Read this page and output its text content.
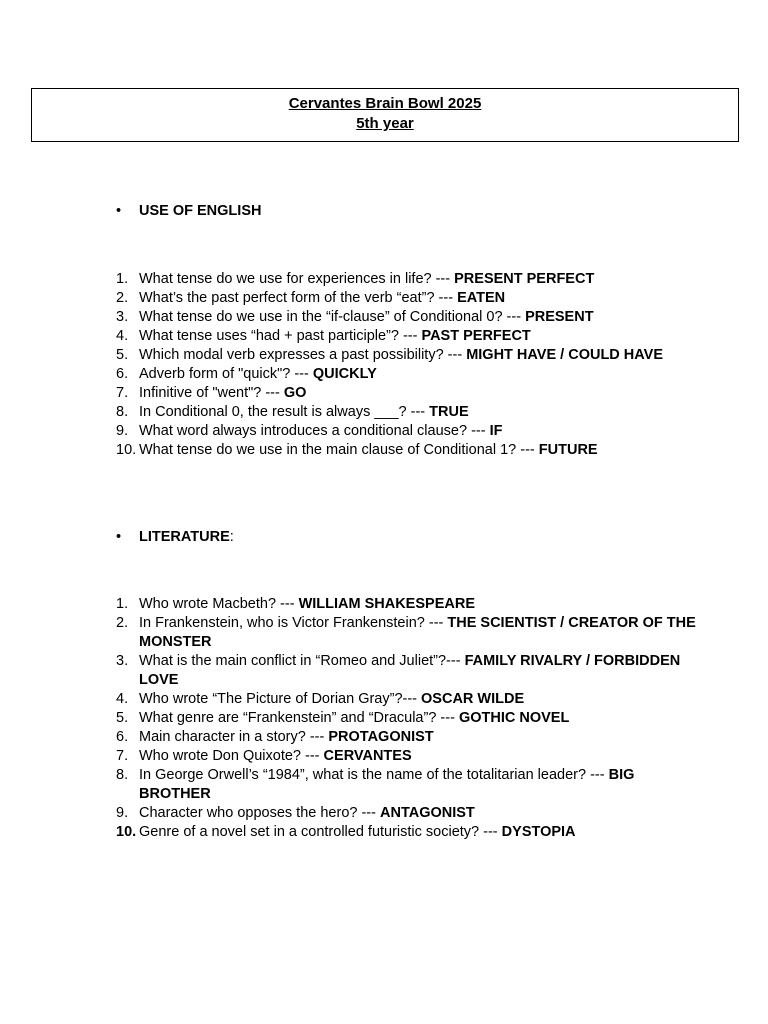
Cervantes Brain Bowl 2025
5th year
• USE OF ENGLISH
1. What tense do we use for experiences in life? --- PRESENT PERFECT
2. What’s the past perfect form of the verb “eat”? --- EATEN
3. What tense do we use in the “if-clause” of Conditional 0? --- PRESENT
4. What tense uses “had + past participle”? --- PAST PERFECT
5. Which modal verb expresses a past possibility? --- MIGHT HAVE / COULD HAVE
6. Adverb form of "quick"? --- QUICKLY
7. Infinitive of "went"? --- GO
8. In Conditional 0, the result is always ___? --- TRUE
9. What word always introduces a conditional clause? --- IF
10. What tense do we use in the main clause of Conditional 1? --- FUTURE
• LITERATURE:
1. Who wrote Macbeth? --- WILLIAM SHAKESPEARE
2. In Frankenstein, who is Victor Frankenstein? --- THE SCIENTIST / CREATOR OF THE MONSTER
3. What is the main conflict in “Romeo and Juliet”?--- FAMILY RIVALRY / FORBIDDEN LOVE
4. Who wrote “The Picture of Dorian Gray”?--- OSCAR WILDE
5. What genre are “Frankenstein” and “Dracula”? --- GOTHIC NOVEL
6. Main character in a story? --- PROTAGONIST
7. Who wrote Don Quixote? --- CERVANTES
8. In George Orwell’s “1984”, what is the name of the totalitarian leader? --- BIG BROTHER
9. Character who opposes the hero? --- ANTAGONIST
10. Genre of a novel set in a controlled futuristic society? --- DYSTOPIA
